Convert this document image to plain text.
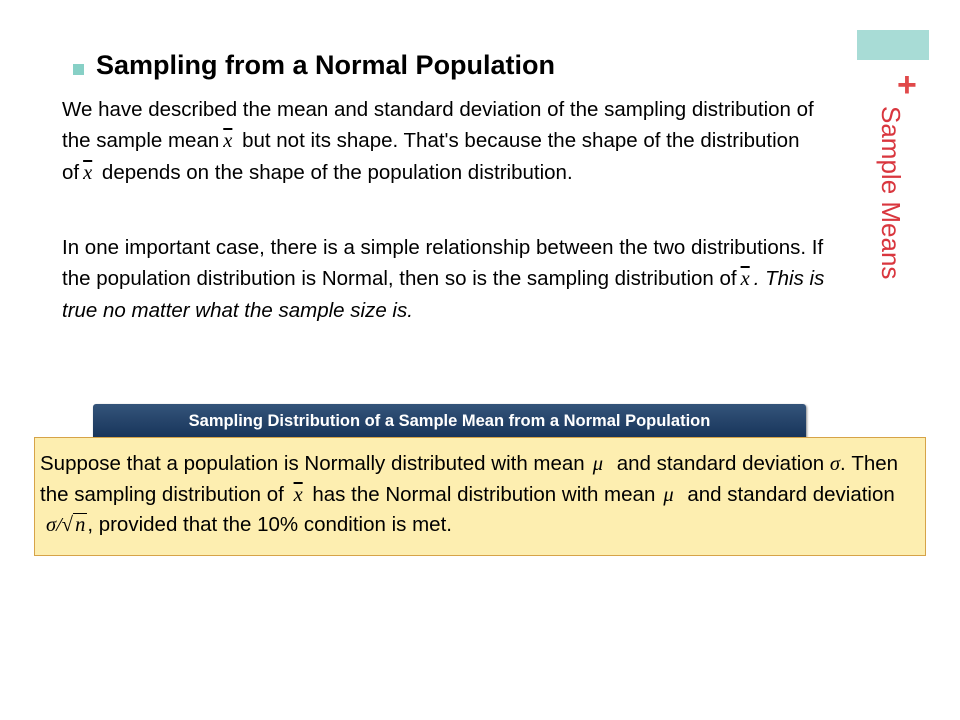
+
Sample Means
Sampling from a Normal Population

We have described the mean and standard deviation of the sampling distribution of the sample mean $\overline{x}$ but not its shape. That's because the shape of the distribution of $\overline{x}$ depends on the shape of the population distribution.

In one important case, there is a simple relationship between the two distributions. If the population distribution is Normal, then so is the sampling distribution of $\overline{x}$ . This is true no matter what the sample size is.

Sampling Distribution of a Sample Mean from a Normal Population

Suppose that a population is Normally distributed with mean μ and standard deviation σ. Then the sampling distribution of $\overline{x}$ has the Normal distribution with mean μ and standard deviation σ/√n, provided that the 10% condition is met.
